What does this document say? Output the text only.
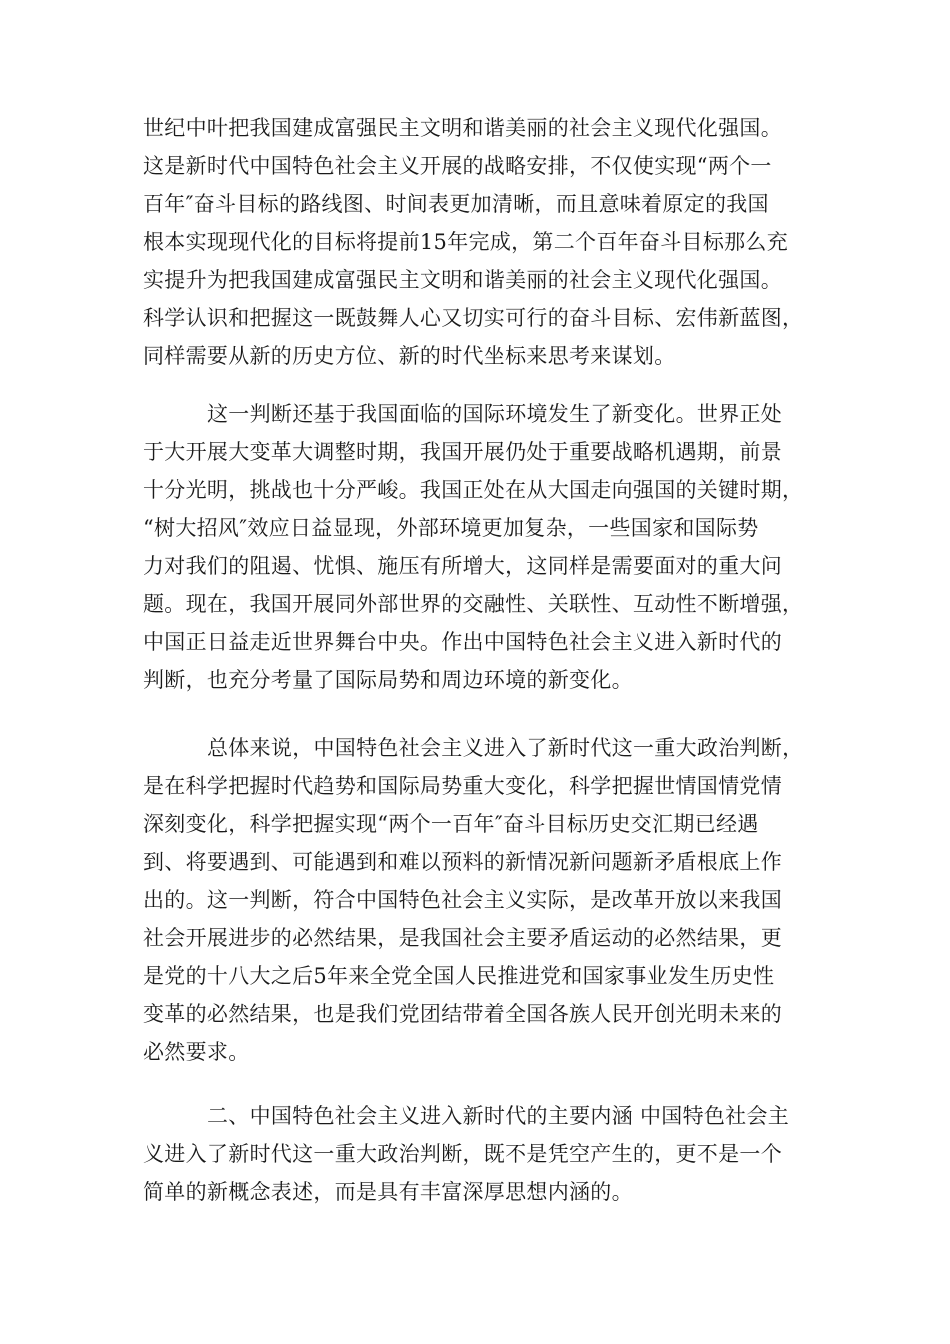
世纪中叶把我国建成富强民主文明和谐美丽的社会主义现代化强国。
这是新时代中国特色社会主义开展的战略安排，不仅使实现“两个一
百年″奋斗目标的路线图、时间表更加清晰，而且意味着原定的我国
根本实现现代化的目标将提前15年完成，第二个百年奋斗目标那么充
实提升为把我国建成富强民主文明和谐美丽的社会主义现代化强国。
科学认识和把握这一既鼓舞人心又切实可行的奋斗目标、宏伟新蓝图，
同样需要从新的历史方位、新的时代坐标来思考来谋划。
这一判断还基于我国面临的国际环境发生了新变化。世界正处
于大开展大变革大调整时期，我国开展仍处于重要战略机遇期，前景
十分光明，挑战也十分严峻。我国正处在从大国走向强国的关键时期，
“树大招风″效应日益显现，外部环境更加复杂，一些国家和国际势
力对我们的阻遏、忧惧、施压有所增大，这同样是需要面对的重大问
题。现在，我国开展同外部世界的交融性、关联性、互动性不断增强，
中国正日益走近世界舞台中央。作出中国特色社会主义进入新时代的
判断，也充分考量了国际局势和周边环境的新变化。
总体来说，中国特色社会主义进入了新时代这一重大政治判断，
是在科学把握时代趋势和国际局势重大变化，科学把握世情国情党情
深刻变化，科学把握实现“两个一百年″奋斗目标历史交汇期已经遇
到、将要遇到、可能遇到和难以预料的新情况新问题新矛盾根底上作
出的。这一判断，符合中国特色社会主义实际，是改革开放以来我国
社会开展进步的必然结果，是我国社会主要矛盾运动的必然结果，更
是党的十八大之后5年来全党全国人民推进党和国家事业发生历史性
变革的必然结果，也是我们党团结带着全国各族人民开创光明未来的
必然要求。
二、中国特色社会主义进入新时代的主要内涵 中国特色社会主
义进入了新时代这一重大政治判断，既不是凭空产生的，更不是一个
简单的新概念表述，而是具有丰富深厚思想内涵的。
